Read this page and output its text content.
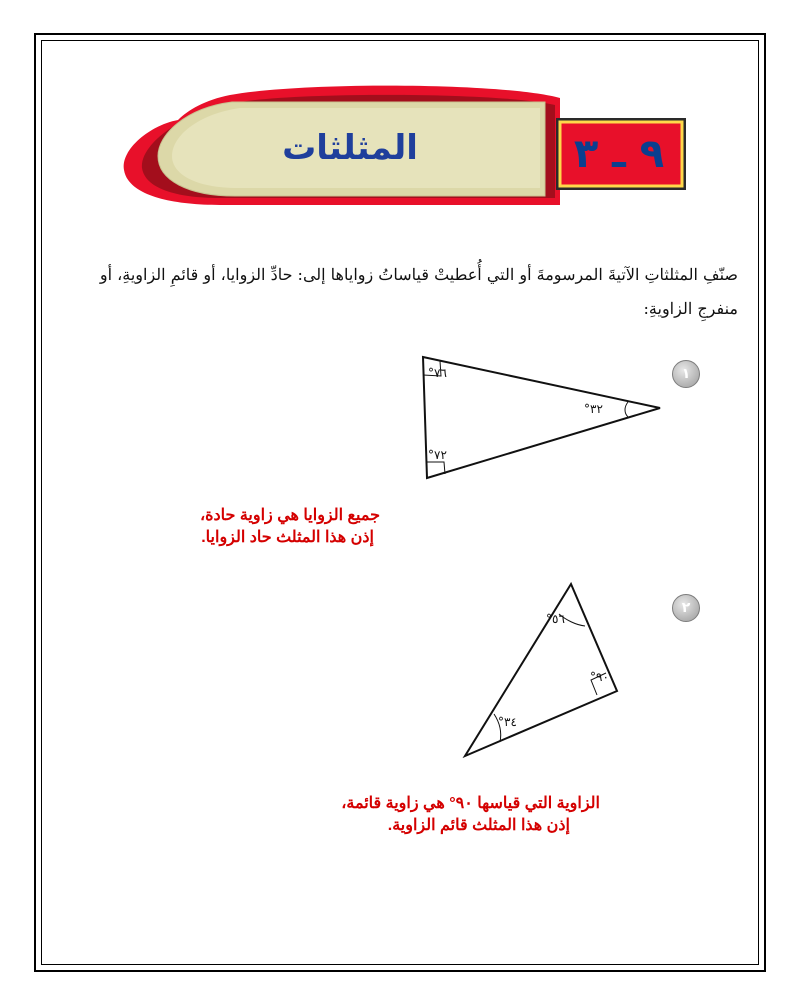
المثلثات	٩ ـ ٣
صنّفِ المثلثاتِ الآتيةَ المرسومةَ أو التي أُعطيتْ قياساتُ زواياها إلى: حادِّ الزوايا، أو قائمِ الزاويةِ، أو منفرجِ الزاويةِ:
٧٦°
٣٢°
٧٢°
٥٦°
٩٠°
٣٤°
١
٢
جميع الزوايا هي زاوية حادة،
إذن هذا المثلث حاد الزوايا.
الزاوية التي قياسها ٩٠° هي زاوية قائمة،
إذن هذا المثلث قائم الزاوية.
